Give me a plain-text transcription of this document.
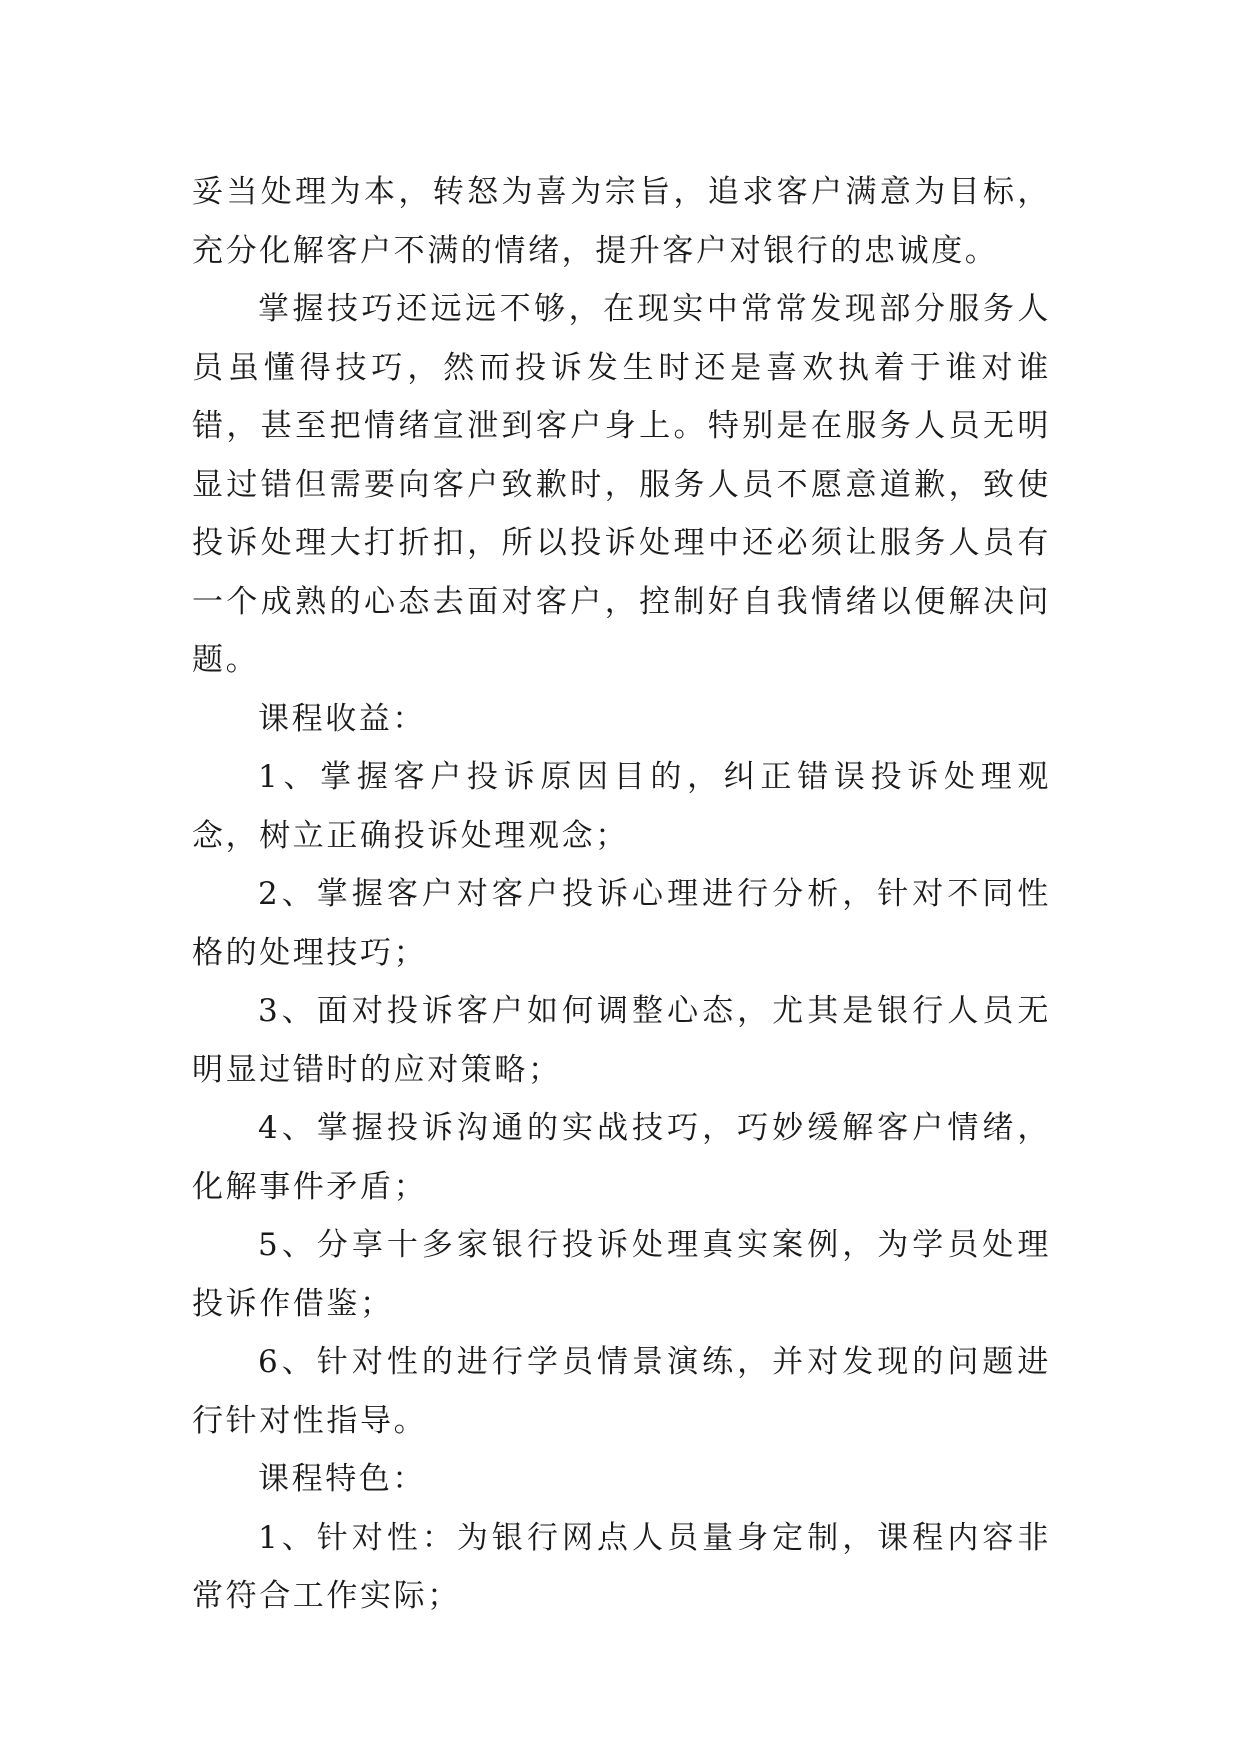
妥当处理为本，转怒为喜为宗旨，追求客户满意为目标，充分化解客户不满的情绪，提升客户对银行的忠诚度。

掌握技巧还远远不够，在现实中常常发现部分服务人员虽懂得技巧，然而投诉发生时还是喜欢执着于谁对谁错，甚至把情绪宣泄到客户身上。特别是在服务人员无明显过错但需要向客户致歉时，服务人员不愿意道歉，致使投诉处理大打折扣，所以投诉处理中还必须让服务人员有一个成熟的心态去面对客户，控制好自我情绪以便解决问题。

课程收益：

1、掌握客户投诉原因目的，纠正错误投诉处理观念，树立正确投诉处理观念；

2、掌握客户对客户投诉心理进行分析，针对不同性格的处理技巧；

3、面对投诉客户如何调整心态，尤其是银行人员无明显过错时的应对策略；

4、掌握投诉沟通的实战技巧，巧妙缓解客户情绪，化解事件矛盾；

5、分享十多家银行投诉处理真实案例，为学员处理投诉作借鉴；

6、针对性的进行学员情景演练，并对发现的问题进行针对性指导。

课程特色：

1、针对性：为银行网点人员量身定制，课程内容非常符合工作实际；
